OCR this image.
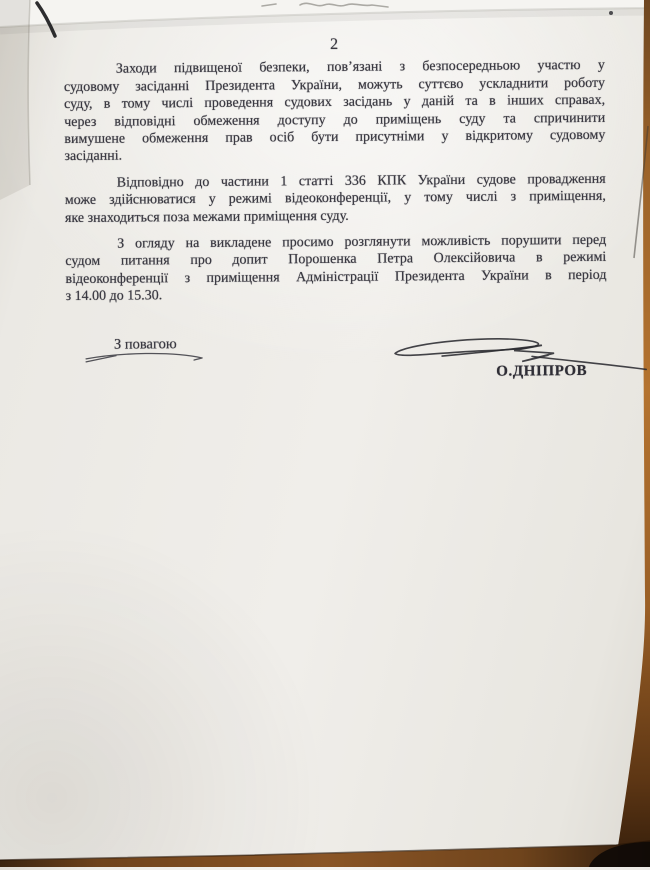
2
Заходи підвищеної безпеки, пов’язані з безпосередньою участю у
судовому засіданні Президента України, можуть суттєво ускладнити роботу
суду, в тому числі проведення судових засідань у даній та в інших справах,
через відповідні обмеження доступу до приміщень суду та спричинити
вимушене обмеження прав осіб бути присутніми у відкритому судовому
засіданні.
Відповідно до частини 1 статті 336 КПК України судове провадження
може здійснюватися у режимі відеоконференції, у тому числі з приміщення,
яке знаходиться поза межами приміщення суду.
З огляду на викладене просимо розглянути можливість порушити перед
судом питання про допит Порошенка Петра Олексійовича в режимі
відеоконференції з приміщення Адміністрації Президента України в період
з 14.00 до 15.30.
З повагою
О.ДНІПРОВ
